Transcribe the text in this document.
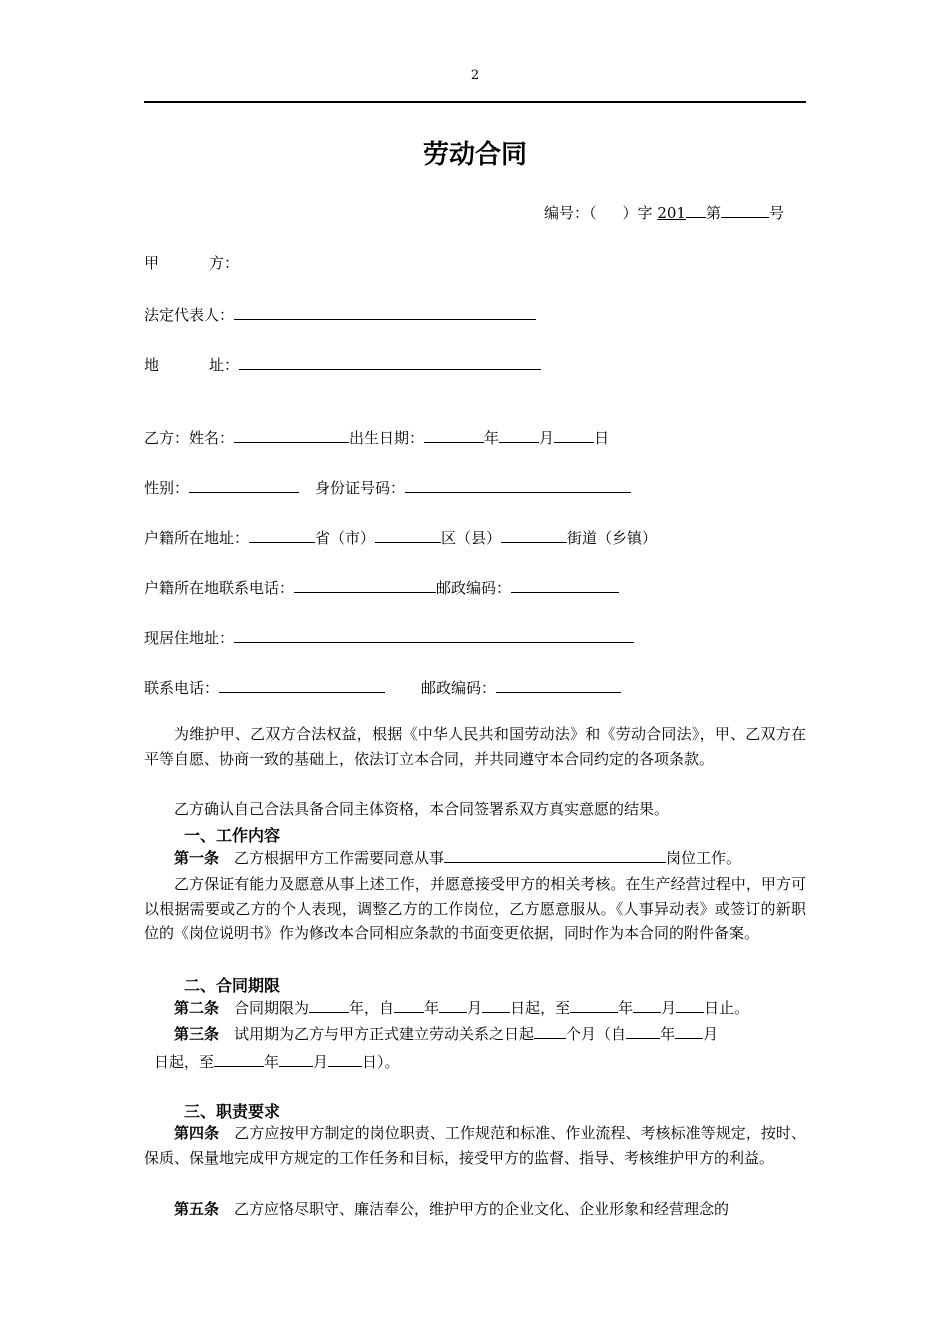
2
劳动合同
编号：（ ）字 201 第	号
甲	方：
法定代表人：
地	址：
乙方：姓名：	出生日期：	年	月	日
性别：	身份证号码：
户籍所在地址：	省（市）	区（县）	街道（乡镇）
户籍所在地联系电话：	邮政编码：
现居住地址：
联系电话：	邮政编码：
为维护甲、乙双方合法权益，根据《中华人民共和国劳动法》和《劳动合同法》，甲、乙双方在平等自愿、协商一致的基础上，依法订立本合同，并共同遵守本合同约定的各项条款。
乙方确认自己合法具备合同主体资格，本合同签署系双方真实意愿的结果。
一、工作内容
第一条　 乙方根据甲方工作需要同意从事	岗位工作。
乙方保证有能力及愿意从事上述工作，并愿意接受甲方的相关考核。在生产经营过程中，甲方可以根据需要或乙方的个人表现，调整乙方的工作岗位，乙方愿意服从。《人事异动表》或签订的新职位的《岗位说明书》作为修改本合同相应条款的书面变更依据，同时作为本合同的附件备案。
二、合同期限
第二条　 合同期限为	年，自 年 月 日起，至	年 月 日止。
第三条　 试用期为乙方与甲方正式建立劳动关系之日起 个月（自 年 月
日起，至	年 月 日）。
三、职责要求
第四条　 乙方应按甲方制定的岗位职责、工作规范和标准、作业流程、考核标准等规定，按时、保质、保量地完成甲方规定的工作任务和目标，接受甲方的监督、指导、考核维护甲方的利益。
第五条　 乙方应恪尽职守、廉洁奉公，维护甲方的企业文化、企业形象和经营理念的
